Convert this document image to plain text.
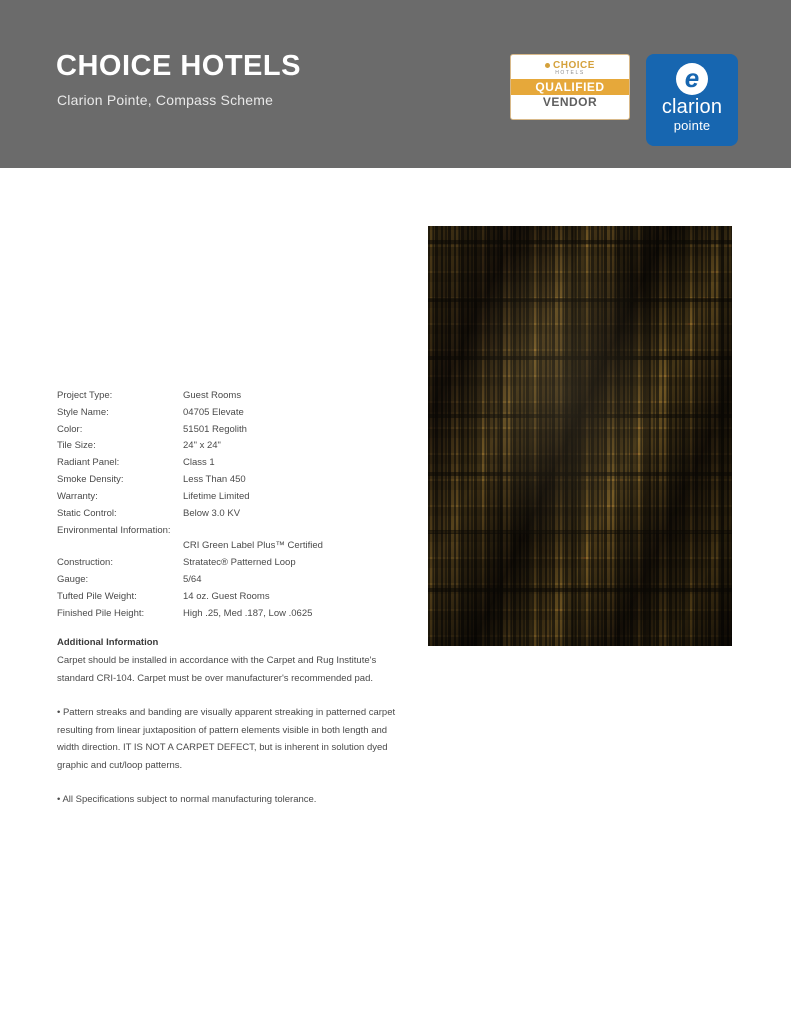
CHOICE HOTELS
Clarion Pointe, Compass Scheme
CHOICE
HOTELS
QUALIFIED
VENDOR
e	clarion
pointe
Project Type:	Guest Rooms
Style Name:	04705 Elevate
Color:	51501 Regolith
Tile Size:	24" x 24"
Radiant Panel:	Class 1
Smoke Density:	Less Than 450
Warranty:	Lifetime Limited
Static Control:	Below 3.0 KV
Environmental Information:
CRI Green Label Plus™ Certified
Construction:	Stratatec® Patterned Loop
Gauge:	5/64
Tufted Pile Weight:	14 oz. Guest Rooms
Finished Pile Height:	High .25, Med .187, Low .0625
Additional Information

Carpet should be installed in accordance with the Carpet and Rug Institute's standard CRI-104. Carpet must be over manufacturer's recommended pad.

• Pattern streaks and banding are visually apparent streaking in patterned carpet resulting from linear juxtaposition of pattern elements visible in both length and width direction. IT IS NOT A CARPET DEFECT, but is inherent in solution dyed graphic and cut/loop patterns.

• All Specifications subject to normal manufacturing tolerance.
